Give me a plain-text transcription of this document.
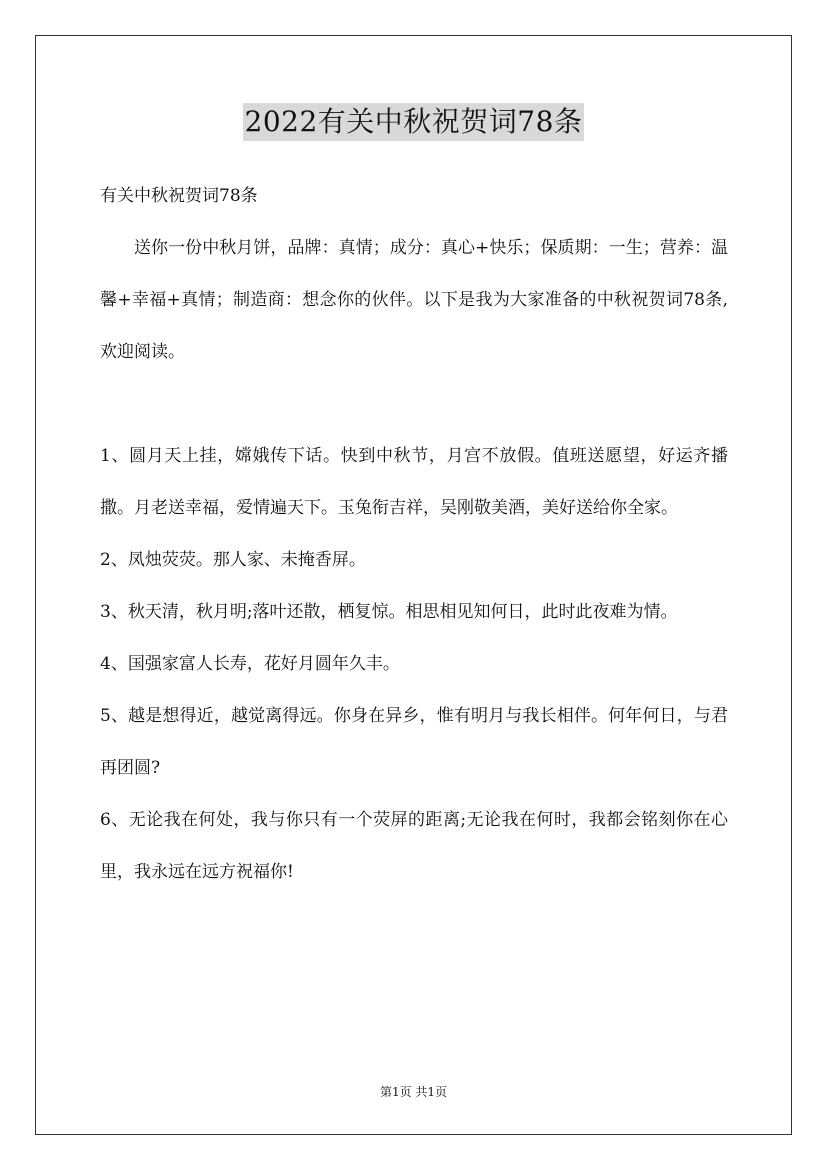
2022有关中秋祝贺词78条

有关中秋祝贺词78条

送你一份中秋月饼，品牌：真情；成分：真心+快乐；保质期：一生；营养：温馨+幸福+真情；制造商：想念你的伙伴。以下是我为大家准备的中秋祝贺词78条,欢迎阅读。

1、圆月天上挂，嫦娥传下话。快到中秋节，月宫不放假。值班送愿望，好运齐播撒。月老送幸福，爱情遍天下。玉兔衔吉祥，吴刚敬美酒，美好送给你全家。

2、凤烛荧荧。那人家、未掩香屏。

3、秋天清，秋月明;落叶还散，栖复惊。相思相见知何日，此时此夜难为情。

4、国强家富人长寿，花好月圆年久丰。

5、越是想得近，越觉离得远。你身在异乡，惟有明月与我长相伴。何年何日，与君再团圆?

6、无论我在何处，我与你只有一个荧屏的距离;无论我在何时，我都会铭刻你在心里，我永远在远方祝福你!

第1页 共1页
